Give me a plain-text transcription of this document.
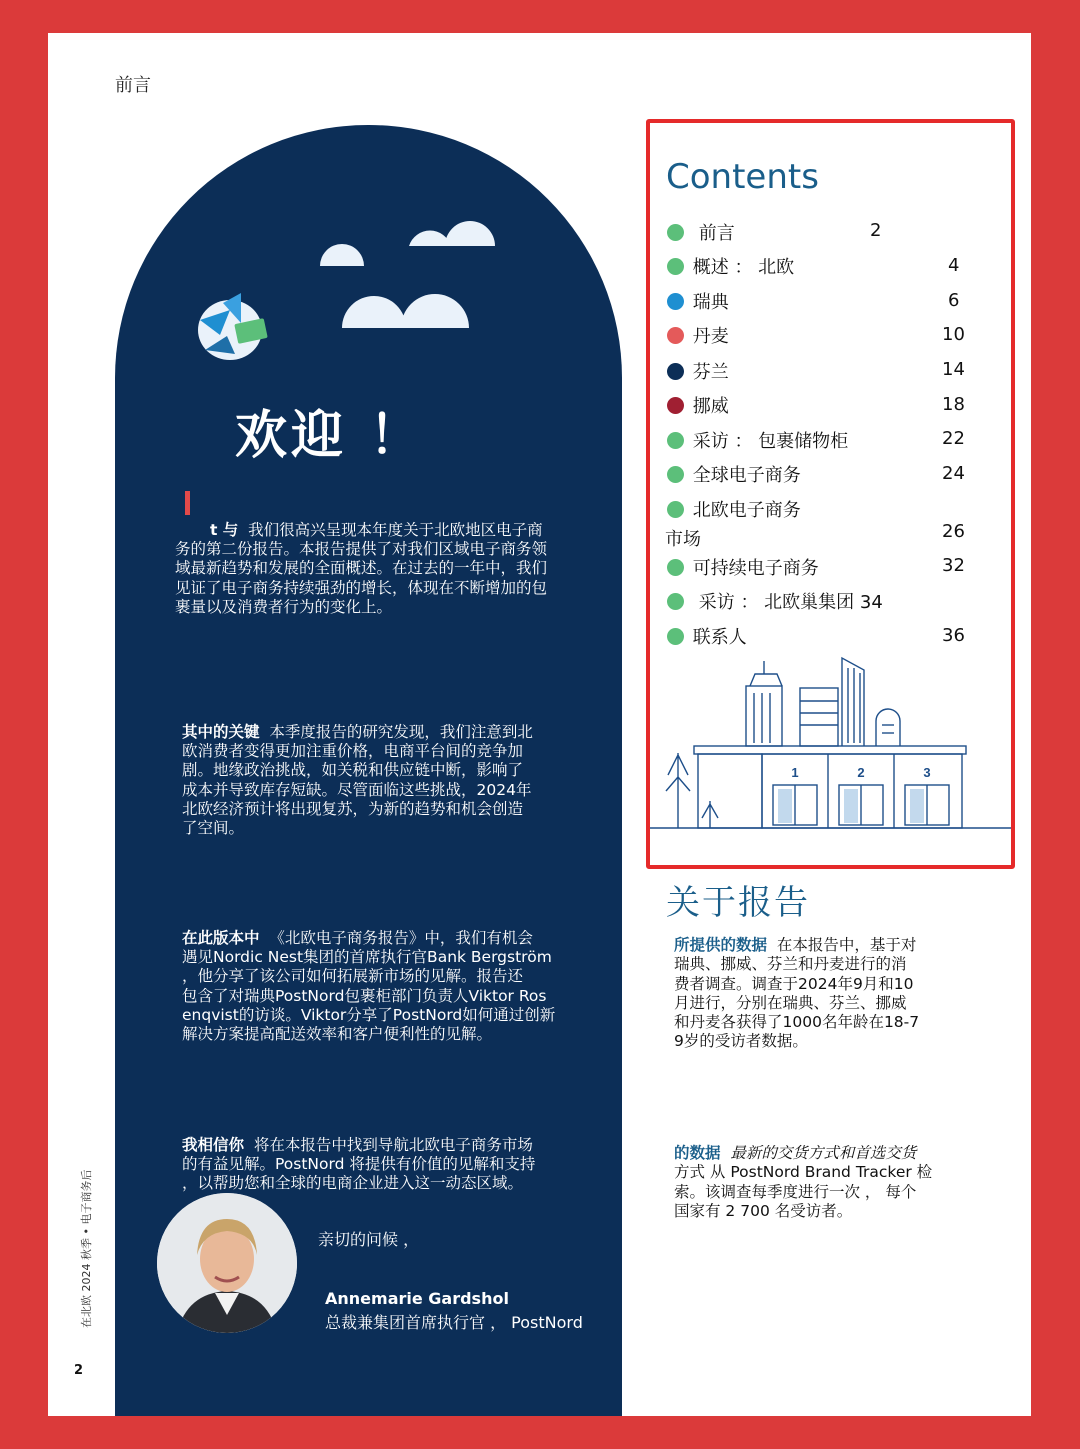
前言
在北欧 2024 秋季 • 电子商务后
2
欢迎 ！
t 与 我们很高兴呈现本年度关于北欧地区电子商
务的第二份报告。本报告提供了对我们区域电子商务领
域最新趋势和发展的全面概述。在过去的一年中，我们
见证了电子商务持续强劲的增长，体现在不断增加的包
裹量以及消费者行为的变化上。
其中的关键 本季度报告的研究发现，我们注意到北
欧消费者变得更加注重价格，电商平台间的竞争加
剧。地缘政治挑战，如关税和供应链中断，影响了
成本并导致库存短缺。尽管面临这些挑战，2024年
北欧经济预计将出现复苏，为新的趋势和机会创造
了空间。
在此版本中 《北欧电子商务报告》中，我们有机会
遇见Nordic Nest集团的首席执行官Bank Bergström
，他分享了该公司如何拓展新市场的见解。报告还
包含了对瑞典PostNord包裹柜部门负责人Viktor Ros
enqvist的访谈。Viktor分享了PostNord如何通过创新
解决方案提高配送效率和客户便利性的见解。
我相信你 将在本报告中找到导航北欧电子商务市场
的有益见解。PostNord 将提供有价值的见解和支持
，以帮助您和全球的电商企业进入这一动态区域。
亲切的问候 ，
Annemarie Gardshol
总裁兼集团首席执行官 ， PostNord
Contents
前言	2
概述 ： 北欧	4
瑞典	6
丹麦	10
芬兰	14
挪威	18
采访 ： 包裹储物柜	22
全球电子商务	24
北欧电子商务
市场	26
可持续电子商务	32
采访 ： 北欧巢集团 34
联系人	36
1	2	3
关于报告
所提供的数据 在本报告中，基于对
瑞典、挪威、芬兰和丹麦进行的消
费者调查。调查于2024年9月和10
月进行，分别在瑞典、芬兰、挪威
和丹麦各获得了1000名年龄在18-7
9岁的受访者数据。
的数据 最新的交货方式和首选交货
方式 从 PostNord Brand Tracker 检
索。该调查每季度进行一次 ， 每个
国家有 2 700 名受访者。
